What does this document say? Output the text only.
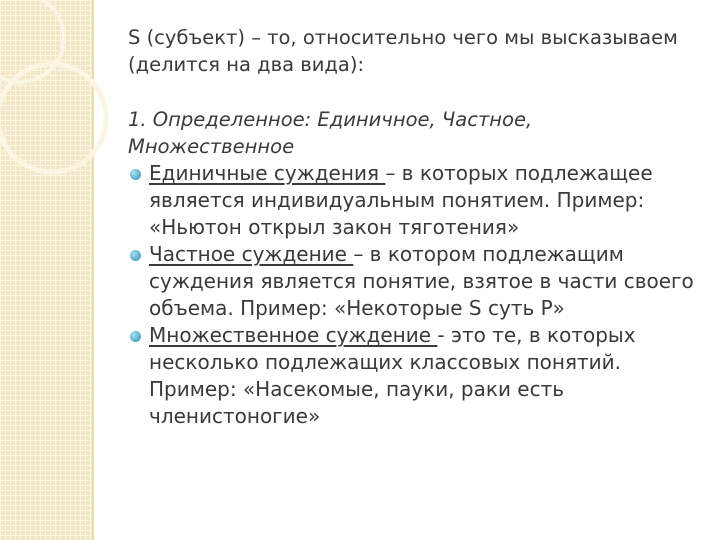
S (субъект) – то, относительно чего мы высказываем (делится на два вида):

1. Определенное: Единичное, Частное, Множественное

Единичные суждения – в которых подлежащее является индивидуальным понятием. Пример: «Ньютон открыл закон тяготения»
Частное суждение – в котором подлежащим суждения является понятие, взятое в части своего объема. Пример: «Некоторые S суть P»
Множественное суждение - это те, в которых несколько подлежащих классовых понятий. Пример: «Насекомые, пауки, раки есть членистоногие»
